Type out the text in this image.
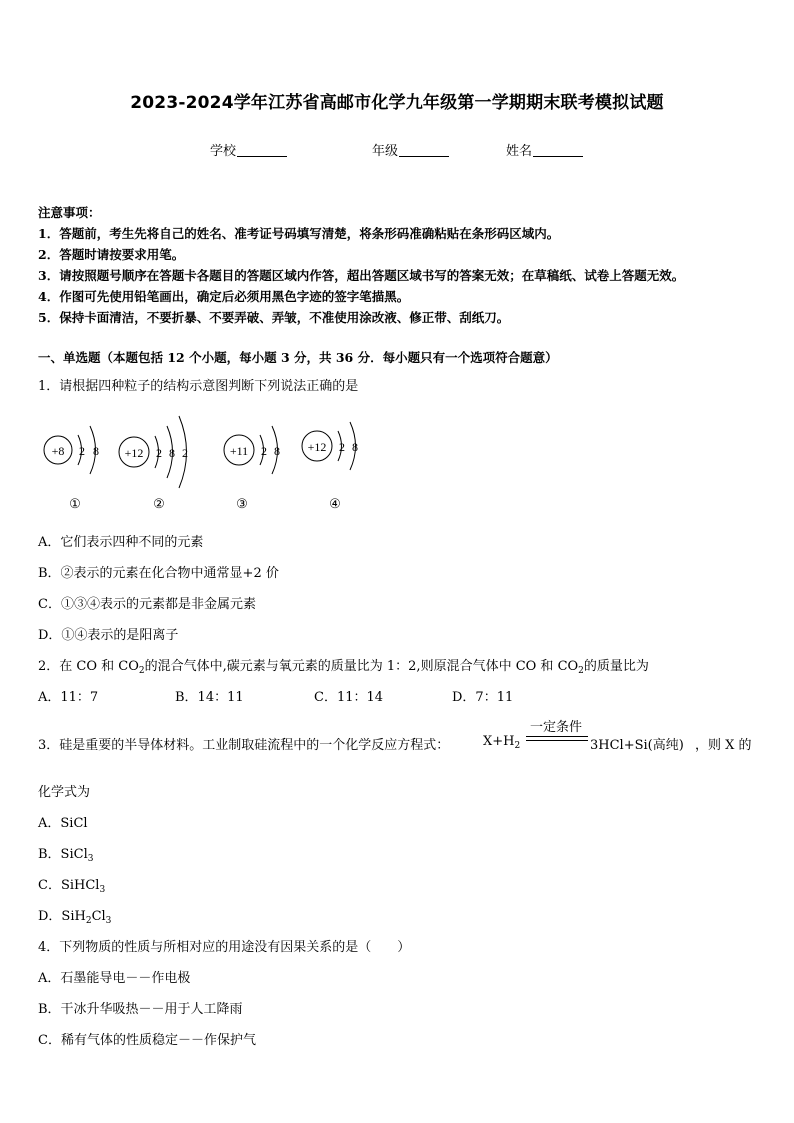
2023-2024学年江苏省高邮市化学九年级第一学期期末联考模拟试题
学校	年级	姓名
注意事项：
1．答题前，考生先将自己的姓名、准考证号码填写清楚，将条形码准确粘贴在条形码区域内。
2．答题时请按要求用笔。
3．请按照题号顺序在答题卡各题目的答题区域内作答，超出答题区域书写的答案无效；在草稿纸、试卷上答题无效。
4．作图可先使用铅笔画出，确定后必须用黑色字迹的签字笔描黑。
5．保持卡面清洁，不要折暴、不要弄破、弄皱，不准使用涂改液、修正带、刮纸刀。
一、单选题（本题包括 12 个小题，每小题 3 分，共 36 分．每小题只有一个选项符合题意）
1．请根据四种粒子的结构示意图判断下列说法正确的是
+8 2 8
①
+12 2 8 2
②
+11 2 8
③
+12 2 8
④
A．它们表示四种不同的元素
B．②表示的元素在化合物中通常显+2 价
C．①③④表示的元素都是非金属元素
D．①④表示的是阳离子
2．在 CO 和 $CO_2$的混合气体中,碳元素与氧元素的质量比为 1：2,则原混合气体中 CO 和 $CO_2$的质量比为
A．11：7	B．14：11	C．11：14	D．7：11
3．硅是重要的半导体材料。工业制取硅流程中的一个化学反应方程式：	$X+H_2$
一定条件
3HCl+Si(高纯) ，则 X 的
化学式为
A．SiCl
B．SiCl$_3$
C．SiHCl$_3$
D．$SiH_2Cl_3$
4．下列物质的性质与所相对应的用途没有因果关系的是（　　）
A．石墨能导电－－作电极
B．干冰升华吸热－－用于人工降雨
C．稀有气体的性质稳定－－作保护气
